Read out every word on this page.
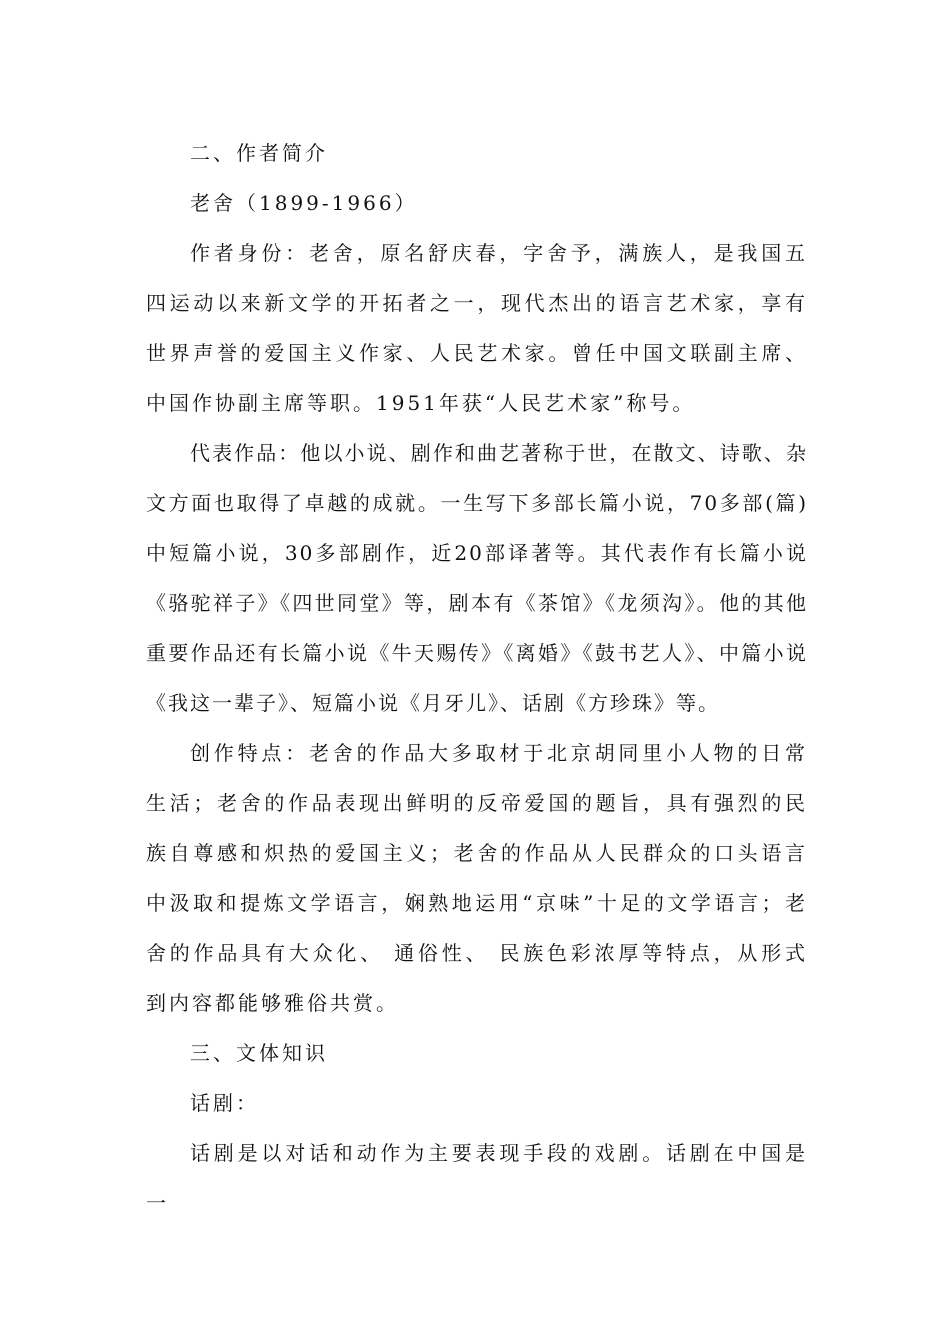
二、作者简介

老舍（1899-1966）

作者身份：老舍，原名舒庆春，字舍予，满族人，是我国五四运动以来新文学的开拓者之一，现代杰出的语言艺术家，享有世界声誉的爱国主义作家、人民艺术家。曾任中国文联副主席、中国作协副主席等职。1951年获“人民艺术家”称号。

代表作品：他以小说、剧作和曲艺著称于世，在散文、诗歌、杂文方面也取得了卓越的成就。一生写下多部长篇小说，70多部(篇)中短篇小说，30多部剧作，近20部译著等。其代表作有长篇小说《骆驼祥子》《四世同堂》等，剧本有《茶馆》《龙须沟》。他的其他重要作品还有长篇小说《牛天赐传》《离婚》《鼓书艺人》、中篇小说《我这一辈子》、短篇小说《月牙儿》、话剧《方珍珠》等。

创作特点：老舍的作品大多取材于北京胡同里小人物的日常生活；老舍的作品表现出鲜明的反帝爱国的题旨，具有强烈的民族自尊感和炽热的爱国主义；老舍的作品从人民群众的口头语言中汲取和提炼文学语言，娴熟地运用“京味”十足的文学语言；老舍的作品具有大众化、 通俗性、 民族色彩浓厚等特点，从形式到内容都能够雅俗共赏。

三、文体知识

话剧：

话剧是以对话和动作为主要表现手段的戏剧。话剧在中国是一
